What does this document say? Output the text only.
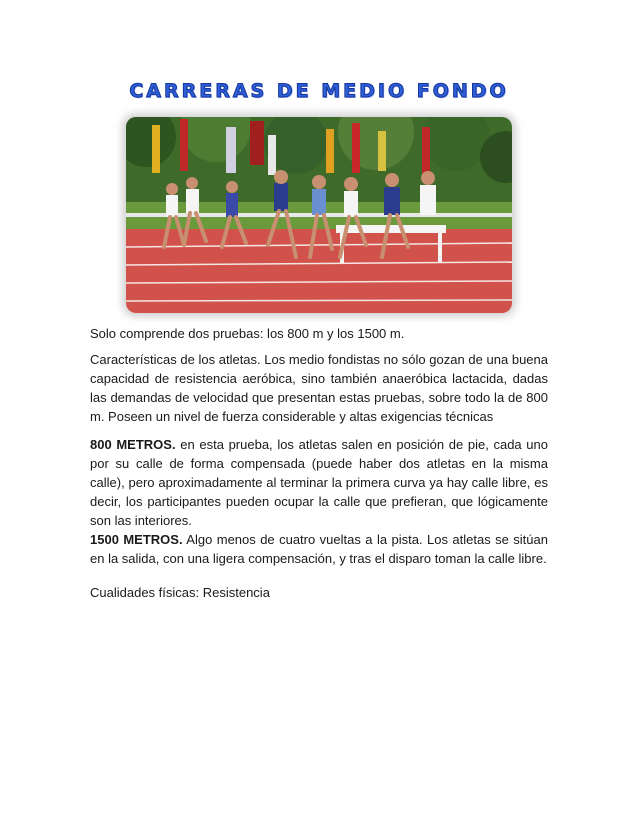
CARRERAS DE MEDIO FONDO
Solo comprende dos pruebas: los 800 m y los 1500 m.
Características de los atletas. Los medio fondistas no sólo gozan de una buena capacidad de resistencia aeróbica, sino también anaeróbica lactacida, dadas las demandas de velocidad que presentan estas pruebas, sobre todo la de 800 m. Poseen un nivel de fuerza considerable y altas exigencias técnicas
800 METROS. en esta prueba, los atletas salen en posición de pie, cada uno por su calle de forma compensada (puede haber dos atletas en la misma calle), pero aproximadamente al terminar la primera curva ya hay calle libre, es decir, los participantes pueden ocupar la calle que prefieran, que lógicamente son las interiores.
1500 METROS. Algo menos de cuatro vueltas a la pista. Los atletas se sitúan en la salida, con una ligera compensación, y tras el disparo toman la calle libre.
Cualidades físicas: Resistencia
